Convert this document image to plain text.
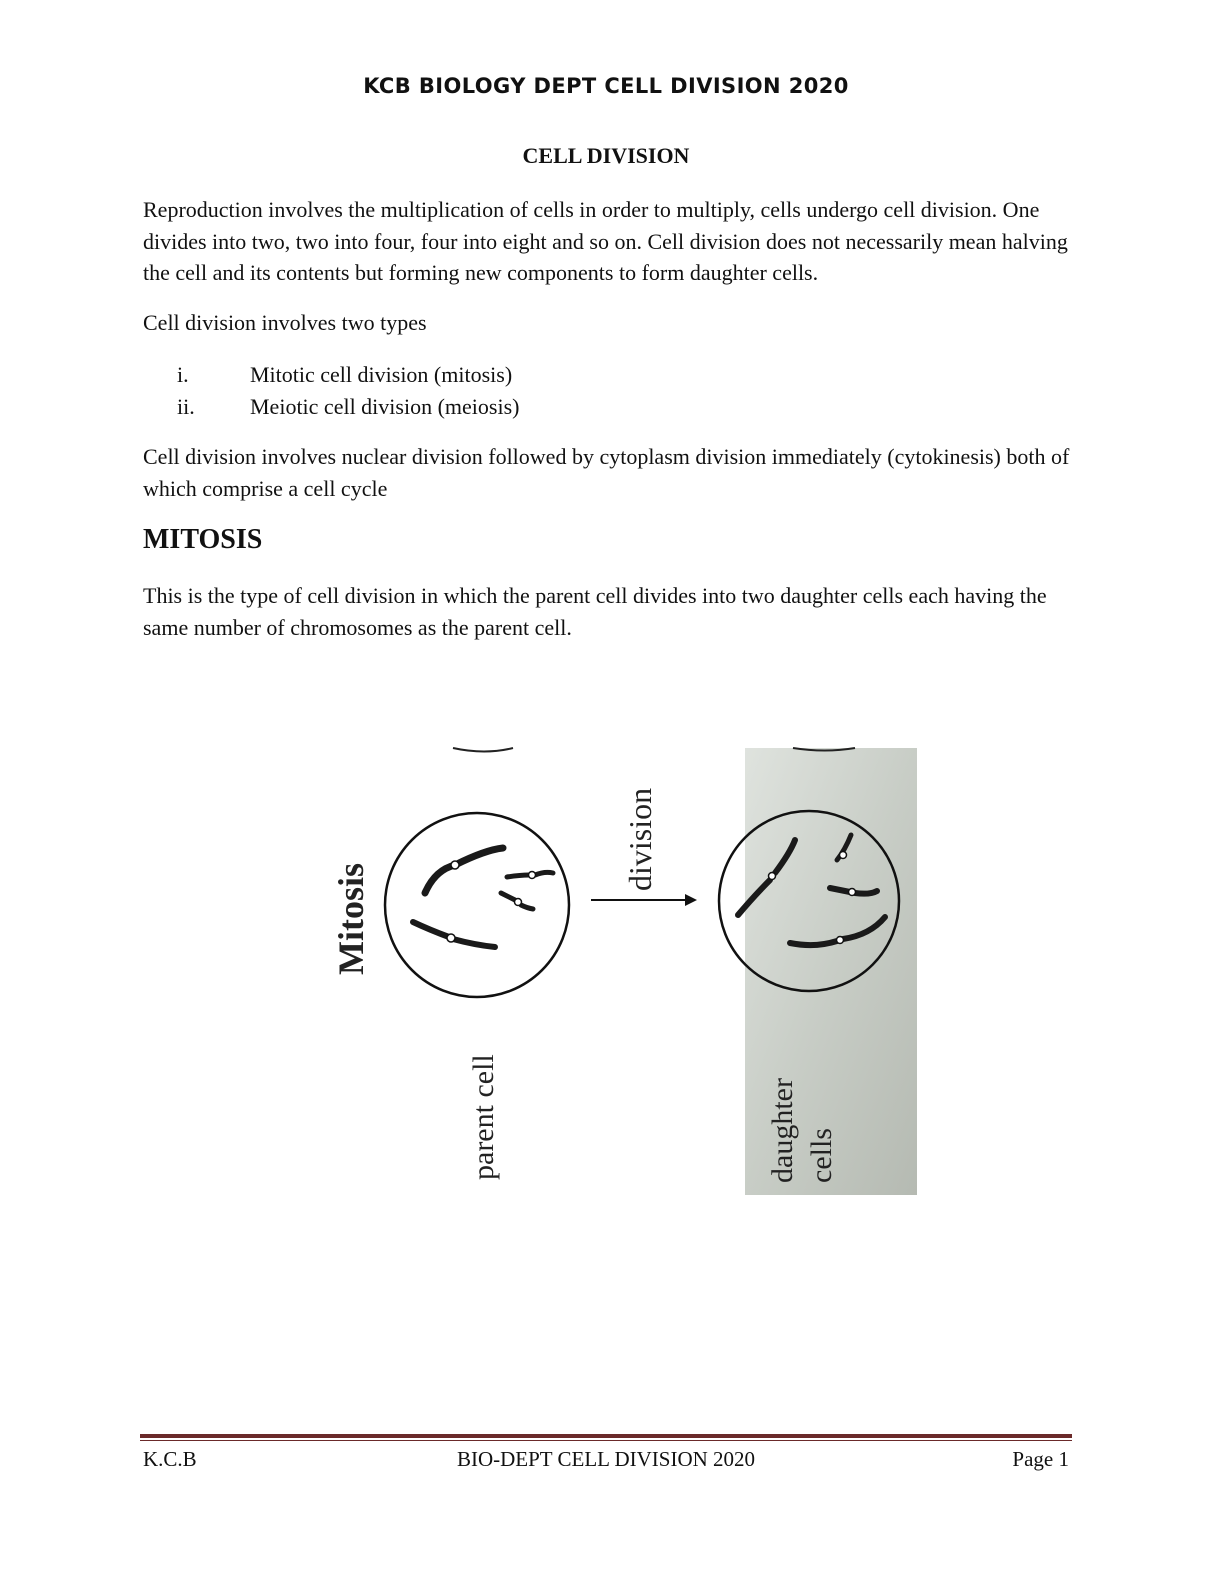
KCB BIOLOGY DEPT CELL DIVISION 2020
CELL DIVISION

Reproduction involves the multiplication of cells in order to multiply, cells undergo cell division. One divides into two, two into four, four into eight and so on. Cell division does not necessarily mean halving the cell and its contents but forming new components to form daughter cells.

Cell division involves two types

i.	Mitotic cell division (mitosis)
ii.	Meiotic cell division (meiosis)

Cell division involves nuclear division followed by cytoplasm division immediately (cytokinesis) both of which comprise a cell cycle

MITOSIS

This is the type of cell division in which the parent cell divides into two daughter cells each having the same number of chromosomes as the parent cell.

Mitosis
parent cell
division
daughter cells
K.C.B	BIO-DEPT CELL DIVISION 2020	Page 1
